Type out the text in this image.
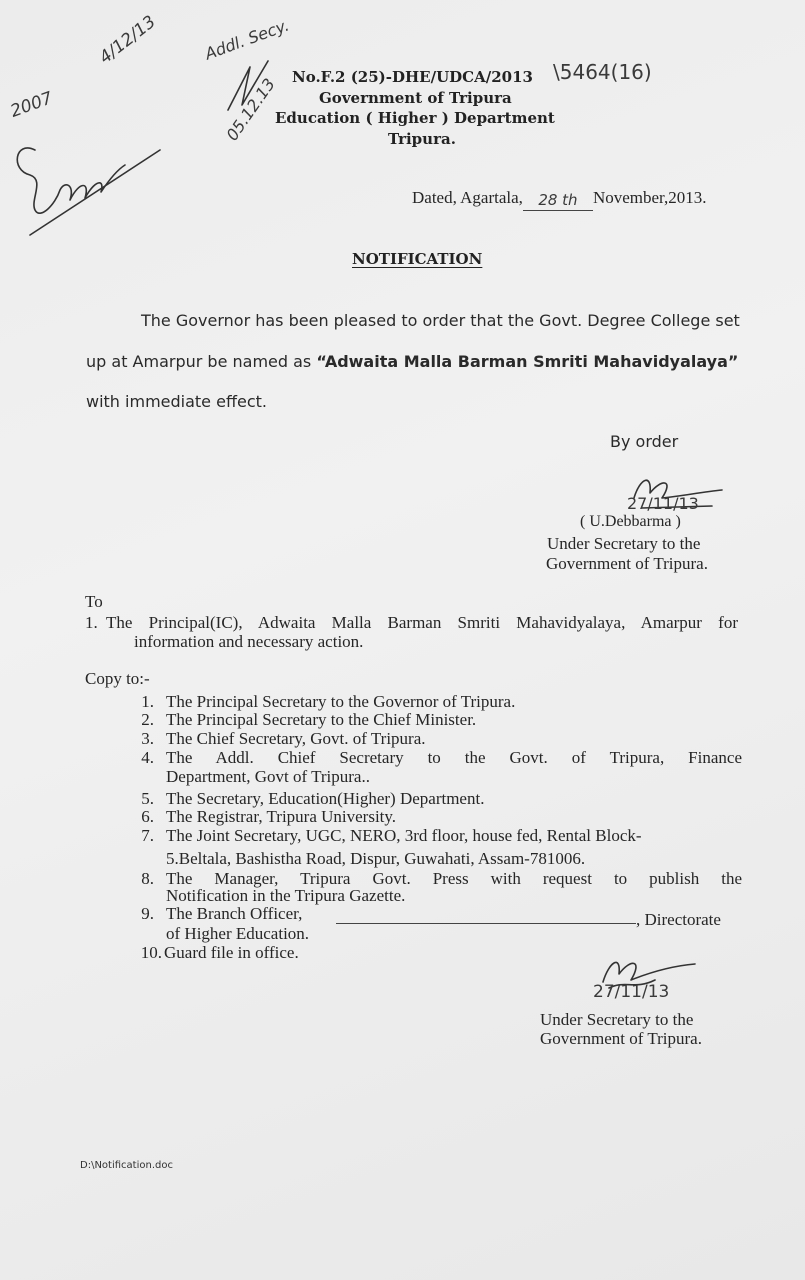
4/12/13
2007
Addl. Secy.
05.12.13 No.F.2 (25)-DHE/UDCA/2013 \5464(16)
Government of Tripura
Education ( Higher ) Department
Tripura.
Dated, Agartala, 28 th November,2013.
NOTIFICATION
The Governor has been pleased to order that the Govt. Degree College set
up at Amarpur be named as “Adwaita Malla Barman Smriti Mahavidyalaya”
with immediate effect.
By order
27/11/13
( U.Debbarma )
Under Secretary to the
Government of Tripura.
To
1. The Principal(IC), Adwaita Malla Barman Smriti Mahavidyalaya, Amarpur for
information and necessary action.
Copy to:-
1. The Principal Secretary to the Governor of Tripura.
2. The Principal Secretary to the Chief Minister.
3. The Chief Secretary, Govt. of Tripura.
4. The Addl. Chief Secretary to the Govt. of Tripura, Finance
Department, Govt of Tripura..
5. The Secretary, Education(Higher) Department.
6. The Registrar, Tripura University.
7. The Joint Secretary, UGC, NERO, 3rd floor, house fed, Rental Block-
5.Beltala, Bashistha Road, Dispur, Guwahati, Assam-781006.
8. The Manager, Tripura Govt. Press with request to publish the
Notification in the Tripura Gazette.
9. The Branch Officer,	, Directorate
of Higher Education.
10. Guard file in office.
27/11/13
Under Secretary to the
Government of Tripura.
D:\Notification.doc
